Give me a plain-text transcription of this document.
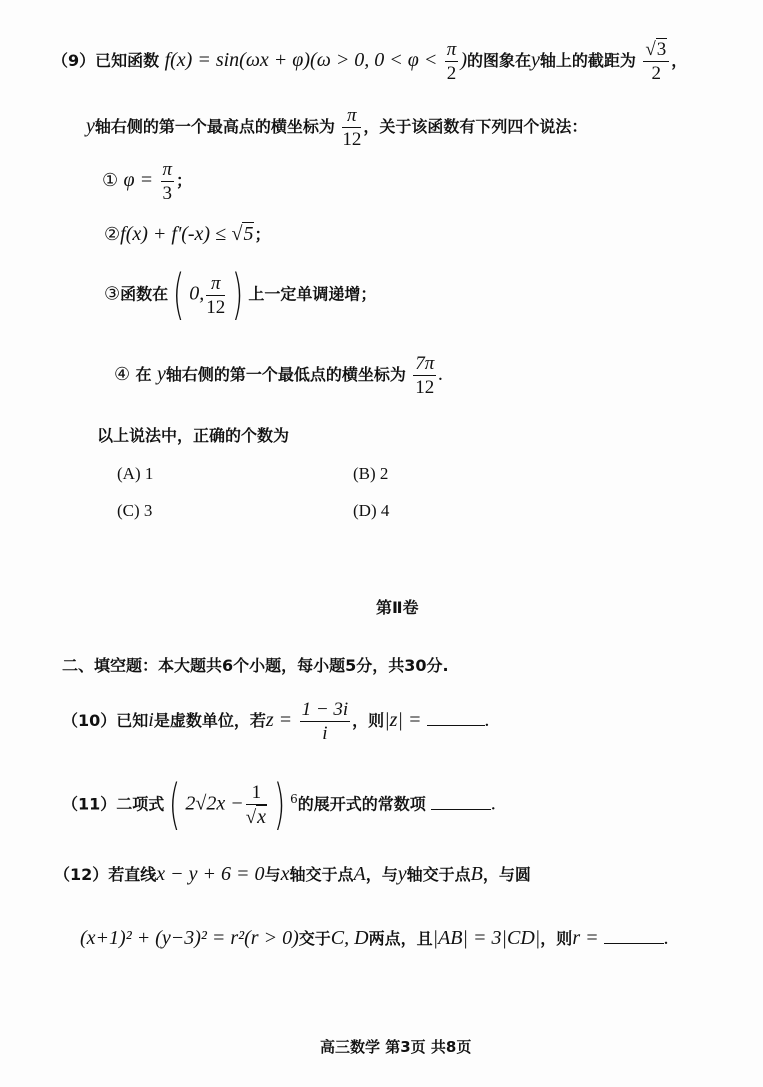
（9）已知函数 f(x) = sin(ωx + φ)(ω > 0, $0 < \varphi < \frac{\pi}{2}$ )的图象在y轴上的截距为 $\frac{√3}{2}$ ，
y轴右侧的第一个最高点的横坐标为 $\frac{\pi}{12}$ ，关于该函数有下列四个说法：
① $\varphi = \frac{\pi}{3}$ ；
②f(x) + f'(-x) ≤ √5；
③函数在( 0, $\frac{\pi}{12}$ ) 上一定单调递增；
④ 在 y轴右侧的第一个最低点的横坐标为 $\frac{7\pi}{12}$ .
以上说法中，正确的个数为
(A) 1	(B) 2
(C) 3	(D) 4
第Ⅱ卷
二、填空题：本大题共6个小题，每小题5分，共30分.
（10）已知i是虚数单位，若$z = \frac{1 - 3i}{i}$ ，则|z| =	.
（11）二项式( $2√2x - \frac{1}{√x}$ ) $^6$的展开式的常数项	.
（12）若直线x − y + 6 = 0与x轴交于点A，与y轴交于点B，与圆
(x+1)² + (y−3)² = r²(r > 0)交于C, D两点，且|AB| = 3|CD|，则r =	.
高三数学 第3页 共8页
